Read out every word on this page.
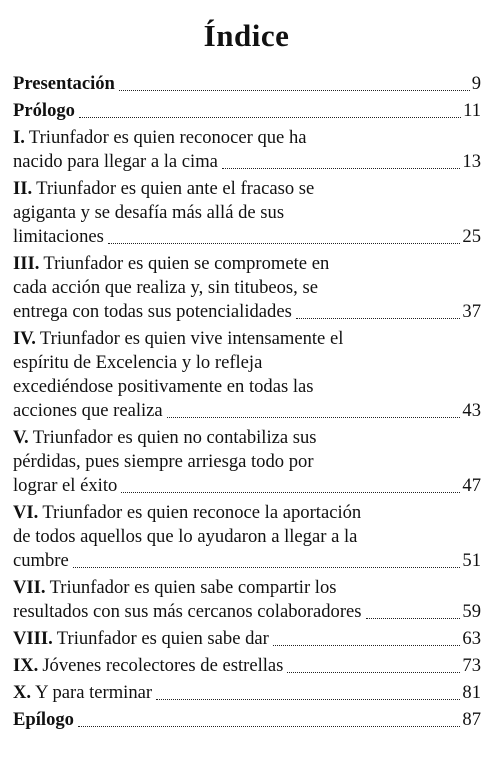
Índice
Presentación	9
Prólogo	11
I. Triunfador es quien reconocer que ha
nacido para llegar a la cima	13
II. Triunfador es quien ante el fracaso se
agiganta y se desafía más allá de sus
limitaciones	25
III. Triunfador es quien se compromete en
cada acción que realiza y, sin titubeos, se
entrega con todas sus potencialidades	37
IV. Triunfador es quien vive intensamente el
espíritu de Excelencia y lo refleja
excediéndose positivamente en todas las
acciones que realiza	43
V. Triunfador es quien no contabiliza sus
pérdidas, pues siempre arriesga todo por
lograr el éxito	47
VI. Triunfador es quien reconoce la aportación
de todos aquellos que lo ayudaron a llegar a la
cumbre	51
VII. Triunfador es quien sabe compartir los
resultados con sus más cercanos colaboradores	59
VIII. Triunfador es quien sabe dar	63
IX. Jóvenes recolectores de estrellas	73
X. Y para terminar	81
Epílogo	87
